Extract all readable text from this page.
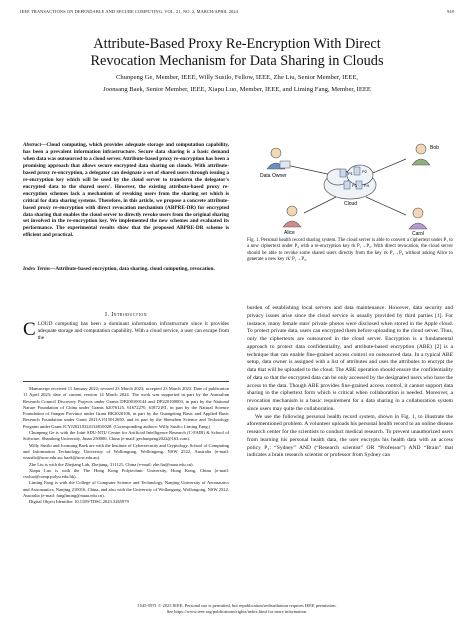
IEEE TRANSACTIONS ON DEPENDABLE AND SECURE COMPUTING, VOL. 21, NO. 2, MARCH/APRIL 2024	949
Attribute-Based Proxy Re-Encryption With Direct
Revocation Mechanism for Data Sharing in Clouds
Chunpeng Ge, Member, IEEE, Willy Susilo, Fellow, IEEE, Zhe Liu, Senior Member, IEEE,
Joonsang Baek, Senior Member, IEEE, Xiapu Luo, Member, IEEE, and Liming Fang, Member, IEEE
Abstract—Cloud computing, which provides adequate storage and computation capability, has been a prevalent information infrastructure. Secure data sharing is a basic demand when data was outsourced to a cloud server. Attribute-based proxy re-encryption has been a promising approach that allows secure encrypted data sharing on clouds. With attribute-based proxy re-encryption, a delegator can designate a set of shared users through issuing a re-encryption key which will be used by the cloud server to transform the delegator's encrypted data to the shared users'. However, the existing attribute-based proxy re-encryption schemes lack a mechanism of revoking users from the sharing set which is critical for data sharing systems. Therefore, in this article, we propose a concrete attribute-based proxy re-encryption with direct revocation mechanism (ABPRE-DR) for encrypted data sharing that enables the cloud server to directly revoke users from the original sharing set involved in the re-encryption key. We implemented the new schemes and evaluated its performance. The experimental results show that the proposed ABPRE-DR scheme is efficient and practical.
Index Terms—Attribute-based encryption, data sharing, cloud computing, revocation.
I. Introduction
CLOUD computing has been a dominant information infrastructure since it provides adequate storage and computation capability. With a cloud service, a user can escape from the

Manuscript received 11 January 2022; revised 23 March 2023; accepted 23 March 2023. Date of publication 11 April 2023; date of current version 14 March 2024. The work was supported in part by the Australian Research Council Discovery Projects under Grants DP200100144 and DP220100003, in part by the National Nature Foundation of China under Grants 62076125, 61672270, 61872181, in part by the Natural Science Foundation of Jiangsu Province under Grant BK2020106, in part by the Guangdong Basic and Applied Basic Research Foundation under Grant 2021A1515012650, and in part by the Shenzhen Science and Technology Program under Grant JCYJ20210324134810028. (Corresponding authors: Willy Susilo; Liming Fang.)

Chunpeng Ge is with the Joint SDU-NTU Centre for Artificial Intelligence Research (C-FAIR) & School of Software, Shandong University, Jinan 250000, China (e-mail: gechunpeng2022@163.com).

Willy Susilo and Joonsang Baek are with the Institute of Cybersecurity and Cryptology, School of Computing and Information Technology, University of Wollongong, Wollongong, NSW 2522, Australia (e-mail: wsusilo@uow.edu.au; baek@uow.edu.au).

Zhe Liu is with the Zhejiang Lab, Zhejiang, 311121, China (e-mail: zhe.liu@nuaa.edu.cn).

Xiapu Luo is with the The Hong Kong Polytechnic University, Hong Kong, China (e-mail: csxluo@comp.polyu.edu.hk).

Liming Fang is with the College of Computer Science and Technology, Nanjing University of Aeronautics and Astronautics, Nanjing 210016, China, and also with the University of Wollongong, Wollongong, NSW 2522, Australia (e-mail: fangliming@nuaa.edu.cn).

Digital Object Identifier 10.1109/TDSC.2023.3265979

P1 P2
P3 P4
Cloud
Data Owner
Bob
Alice	Carol
Fig. 1. Personal health record sharing system. The cloud server is able to convert a ciphertext under P₁ to a new ciphertext under P₄ with a re-encryption key rk P₁→P₄. With direct revocation, the cloud server should be able to revoke some shared users directly from the key rk P₁→P₄ without asking Alice to generate a new key rk' P₁→P₄.

burden of establishing local servers and data maintenance. However, data security and privacy issues arise since the cloud service is usually provided by third parties [1]. For instance, many female stars' private photos were disclosed when stored in the Apple cloud. To protect private data, users can encrypted them before uploading to the cloud server. Thus, only the ciphertexts are outsourced in the cloud server. Encryption is a fundamental approach to protect data confidentiality, and attribute-based encryption (ABE) [2] is a technique that can enable fine-grained access control on outsourced data. In a typical ABE setup, data owner is assigned with a list of attributes and uses the attributes to encrypt the data that will be uploaded to the cloud. The ABE operation should ensure the confidentiality of data so that the encrypted data can be only accessed by the designated users who have the access to the data. Though ABE provides fine-grained access control, it cannot support data sharing in the ciphertext form which is critical when collaboration is needed. Moreover, a revocation mechanism is a basic requirement for a data sharing in a collaboration system since users may quite the collaboration.

We use the following personal health record system, shown in Fig. 1, to illustrate the aforementioned problem. A volunteer uploads his personal health record to an online disease research center for the scientists to conduct medical research. To prevent unauthorized users from learning his personal health data, the user encrypts his health data with an access policy P₁: “Sydney” AND (“Research scientist” OR “Professor”) AND “Brain” that indicates a brain research scientist or professor from Sydney can

1545-5971 © 2023 IEEE. Personal use is permitted, but republication/redistribution requires IEEE permission.
See https://www.ieee.org/publications/rights/index.html for more information.
